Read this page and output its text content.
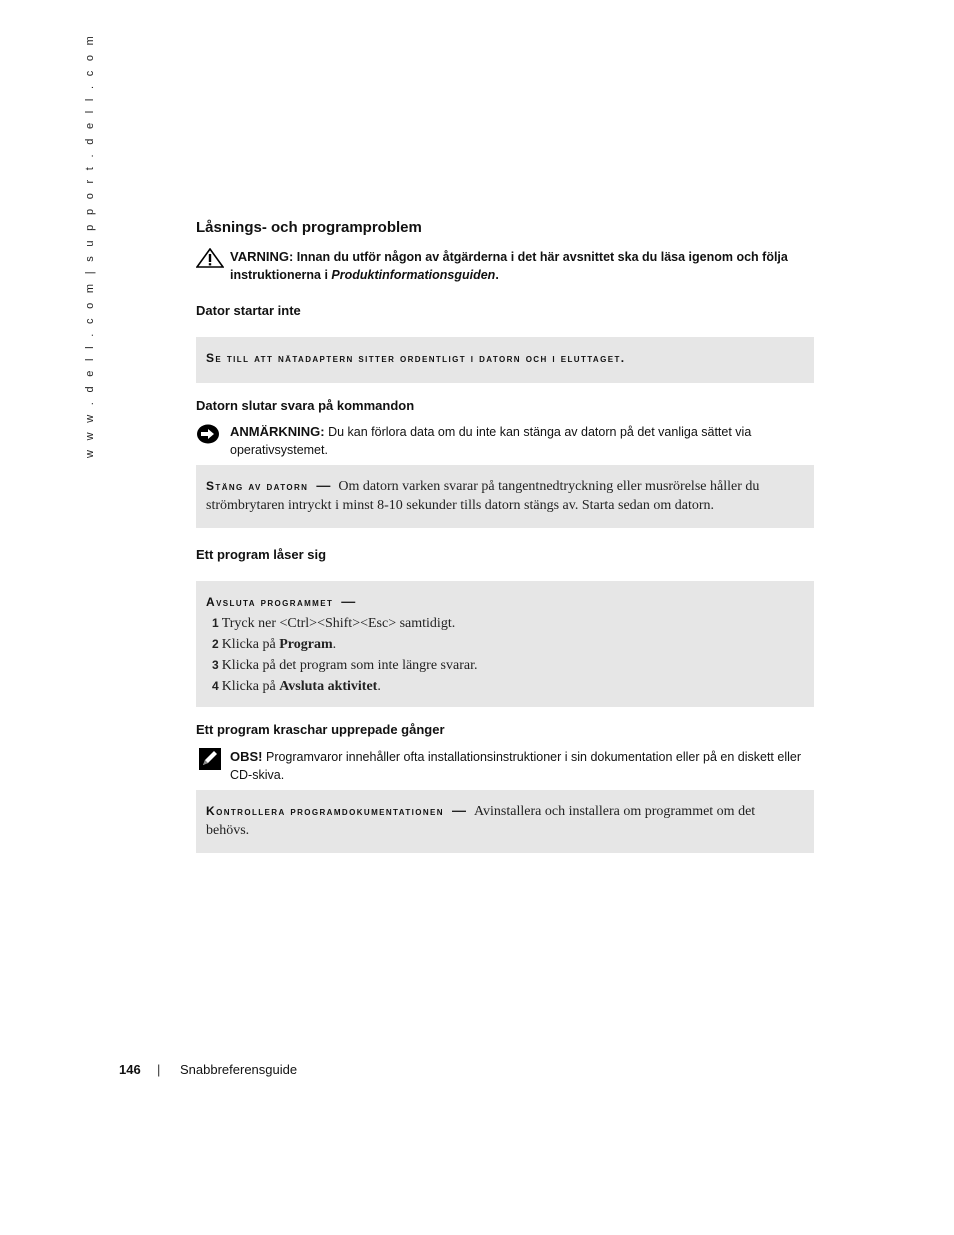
w w w . d e l l . c o m | s u p p o r t . d e l l . c o m	Låsnings- och programproblem
VARNING: Innan du utför någon av åtgärderna i det här avsnittet ska du läsa igenom och följa
instruktionerna i Produktinformationsguiden.
Dator startar inte
Se till att nätadaptern sitter ordentligt i datorn och i eluttaget.
Datorn slutar svara på kommandon
ANMÄRKNING: Du kan förlora data om du inte kan stänga av datorn på det vanliga sättet via
operativsystemet.
Stäng av datorn — Om datorn varken svarar på tangentnedtryckning eller musrörelse håller du
strömbrytaren intryckt i minst 8-10 sekunder tills datorn stängs av. Starta sedan om datorn.
Ett program låser sig
Avsluta programmet —
1 Tryck ner <Ctrl><Shift><Esc> samtidigt.
2 Klicka på Program.
3 Klicka på det program som inte längre svarar.
4 Klicka på Avsluta aktivitet.
Ett program kraschar upprepade gånger
OBS! Programvaror innehåller ofta installationsinstruktioner i sin dokumentation eller på en diskett eller
CD-skiva.
Kontrollera programdokumentationen — Avinstallera och installera om programmet om det
behövs.
146 | Snabbreferensguide
